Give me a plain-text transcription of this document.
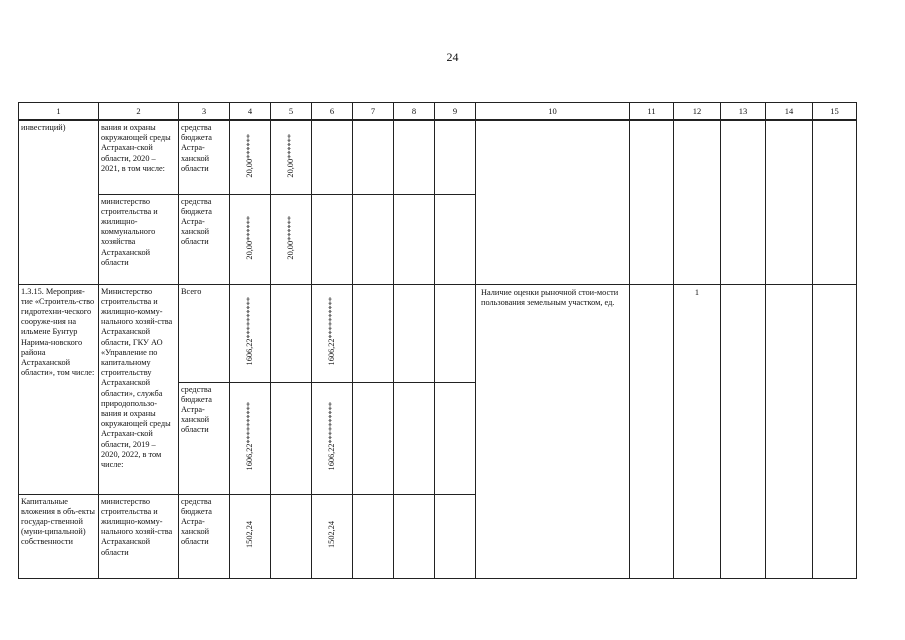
24
1	2	3	4	5	6	7	8	9	10	11	12	13	14	15
инвестиций)	вания и охраны окружающей среды Астрахан-ской области, 2020 – 2021, в том числе:	средства бюджета Астра-ханской области	20,00******	20,00******										
	министерство строительства и жилищно-коммунального хозяйства Астраханской области	средства бюджета Астра-ханской области	20,00******	20,00******										
1.3.15. Мероприя-тие «Строитель-ство гидротехни-ческого сооруже-ния на ильмене Бунтур Нарима-новского района Астраханской области», том числе:	Министерство строительства и жилищно-комму-нального хозяй-ства Астраханской области, ГКУ АО «Управление по капитальному строительству Астраханской области», служба природопользо-вания и охраны окружающей среды Астрахан-ской области, 2019 – 2020, 2022, в том числе:	Всего	1606,22**********		1606,22**********				Наличие оценки рыночной стои-мости пользования земельным участком, ед.		1			
		средства бюджета Астра-ханской области	1606,22**********		1606,22**********									
Капитальные вложения в объ-екты государ-ственной (муни-ципальной) собственности	министерство строительства и жилищно-комму-нального хозяй-ства Астраханской области	средства бюджета Астра-ханской области	1502,24		1502,24									
